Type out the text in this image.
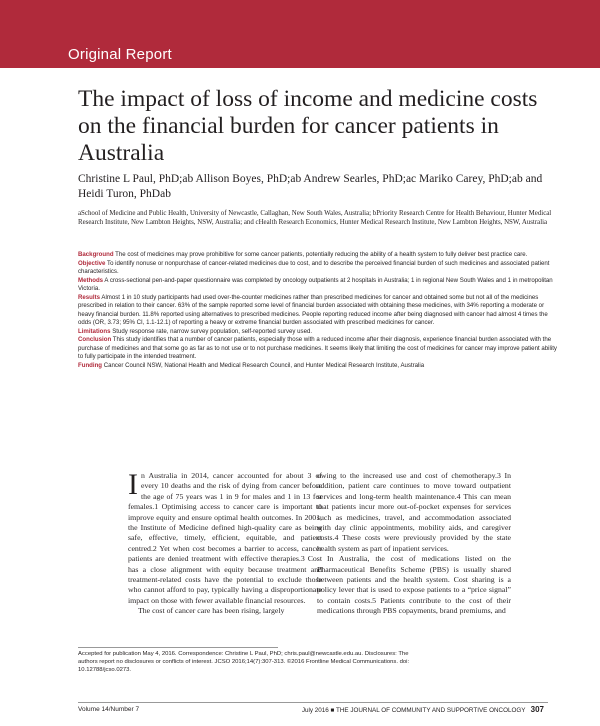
Original Report
The impact of loss of income and medicine costs on the financial burden for cancer patients in Australia
Christine L Paul, PhD;ab Allison Boyes, PhD;ab Andrew Searles, PhD;ac Mariko Carey, PhD;ab and Heidi Turon, PhDab
aSchool of Medicine and Public Health, University of Newcastle, Callaghan, New South Wales, Australia; bPriority Research Centre for Health Behaviour, Hunter Medical Research Institute, New Lambton Heights, NSW, Australia; and cHealth Research Economics, Hunter Medical Research Institute, New Lambton Heights, NSW, Australia

Background The cost of medicines may prove prohibitive for some cancer patients, potentially reducing the ability of a health system to fully deliver best practice care.

Objective To identify nonuse or nonpurchase of cancer-related medicines due to cost, and to describe the perceived financial burden of such medicines and associated patient characteristics.

Methods A cross-sectional pen-and-paper questionnaire was completed by oncology outpatients at 2 hospitals in Australia; 1 in regional New South Wales and 1 in metropolitan Victoria.

Results Almost 1 in 10 study participants had used over-the-counter medicines rather than prescribed medicines for cancer and obtained some but not all of the medicines prescribed in relation to their cancer. 63% of the sample reported some level of financial burden associated with obtaining these medicines, with 34% reporting a moderate or heavy financial burden. 11.8% reported using alternatives to prescribed medicines. People reporting reduced income after being diagnosed with cancer had almost 4 times the odds (OR, 3.73; 95% CI, 1.1-12.1) of reporting a heavy or extreme financial burden associated with prescribed medicines for cancer.

Limitations Study response rate, narrow survey population, self-reported survey used.

Conclusion This study identifies that a number of cancer patients, especially those with a reduced income after their diagnosis, experience financial burden associated with the purchase of medicines and that some go as far as to not use or to not purchase medicines. It seems likely that limiting the cost of medicines for cancer may improve patient ability to fully participate in the intended treatment.

Funding Cancer Council NSW, National Health and Medical Research Council, and Hunter Medical Research Institute, Australia

In Australia in 2014, cancer accounted for about 3 of every 10 deaths and the risk of dying from cancer before the age of 75 years was 1 in 9 for males and 1 in 13 for females.1 Optimising access to cancer care is important to improve equity and ensure optimal health outcomes. In 2001, the Institute of Medicine defined high-quality care as being safe, effective, timely, efficient, equitable, and patient centred.2 Yet when cost becomes a barrier to access, cancer patients are denied treatment with effective therapies.3 Cost has a close alignment with equity because treatment and treatment-related costs have the potential to exclude those who cannot afford to pay, typically having a disproportionate impact on those with fewer available financial resources.

The cost of cancer care has been rising, largely

owing to the increased use and cost of chemotherapy.3 In addition, patient care continues to move toward outpatient services and long-term health maintenance.4 This can mean that patients incur more out-of-pocket expenses for services such as medicines, travel, and accommodation associated with day clinic appointments, mobility aids, and caregiver costs.4 These costs were previously provided by the state health system as part of inpatient services.

In Australia, the cost of medications listed on the Pharmaceutical Benefits Scheme (PBS) is usually shared between patients and the health system. Cost sharing is a policy lever that is used to expose patients to a “price signal” to contain costs.5 Patients contribute to the cost of their medications through PBS copayments, brand premiums, and

Accepted for publication May 4, 2016. Correspondence: Christine L Paul, PhD; chris.paul@newcastle.edu.au. Disclosures: The authors report no disclosures or conflicts of interest. JCSO 2016;14(7):307-313. ©2016 Frontline Medical Communications. doi: 10.12788/jcso.0273.
Volume 14/Number 7	July 2016 ■ THE JOURNAL OF COMMUNITY AND SUPPORTIVE ONCOLOGY 307
